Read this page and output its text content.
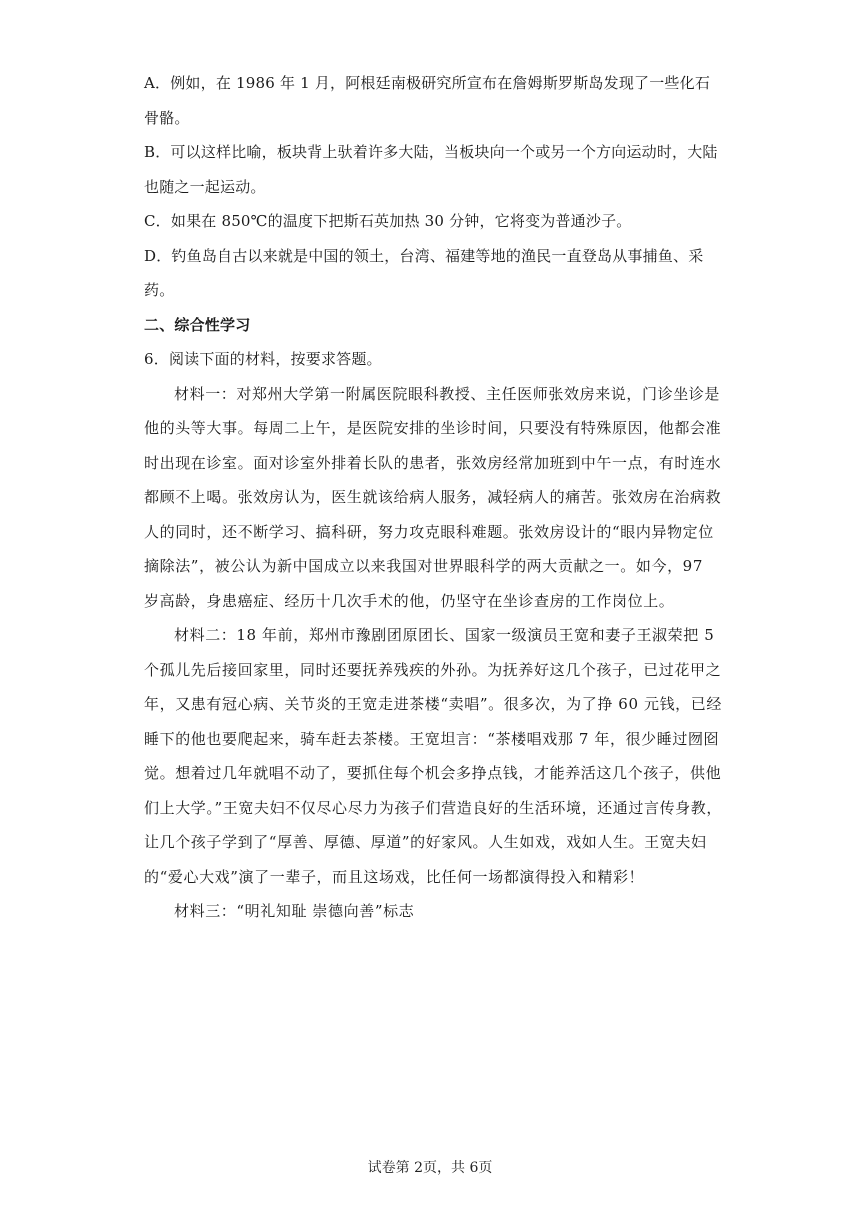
A．例如，在 1986 年 1 月，阿根廷南极研究所宣布在詹姆斯罗斯岛发现了一些化石骨骼。

B．可以这样比喻，板块背上驮着许多大陆，当板块向一个或另一个方向运动时，大陆也随之一起运动。

C．如果在 850℃的温度下把斯石英加热 30 分钟，它将变为普通沙子。

D．钓鱼岛自古以来就是中国的领土，台湾、福建等地的渔民一直登岛从事捕鱼、采药。

二、综合性学习

6．阅读下面的材料，按要求答题。

材料一：对郑州大学第一附属医院眼科教授、主任医师张效房来说，门诊坐诊是他的头等大事。每周二上午，是医院安排的坐诊时间，只要没有特殊原因，他都会准时出现在诊室。面对诊室外排着长队的患者，张效房经常加班到中午一点，有时连水都顾不上喝。张效房认为，医生就该给病人服务，减轻病人的痛苦。张效房在治病救人的同时，还不断学习、搞科研，努力攻克眼科难题。张效房设计的“眼内异物定位摘除法”，被公认为新中国成立以来我国对世界眼科学的两大贡献之一。如今，97 岁高龄，身患癌症、经历十几次手术的他，仍坚守在坐诊查房的工作岗位上。

材料二：18 年前，郑州市豫剧团原团长、国家一级演员王宽和妻子王淑荣把 5 个孤儿先后接回家里，同时还要抚养残疾的外孙。为抚养好这几个孩子，已过花甲之年，又患有冠心病、关节炎的王宽走进茶楼“卖唱”。很多次，为了挣 60 元钱，已经睡下的他也要爬起来，骑车赶去茶楼。王宽坦言：“茶楼唱戏那 7 年，很少睡过囫囵觉。想着过几年就唱不动了，要抓住每个机会多挣点钱，才能养活这几个孩子，供他们上大学。”王宽夫妇不仅尽心尽力为孩子们营造良好的生活环境，还通过言传身教，让几个孩子学到了“厚善、厚德、厚道”的好家风。人生如戏，戏如人生。王宽夫妇的“爱心大戏”演了一辈子，而且这场戏，比任何一场都演得投入和精彩！

材料三：“明礼知耻 崇德向善”标志

试卷第 2页，共 6页
